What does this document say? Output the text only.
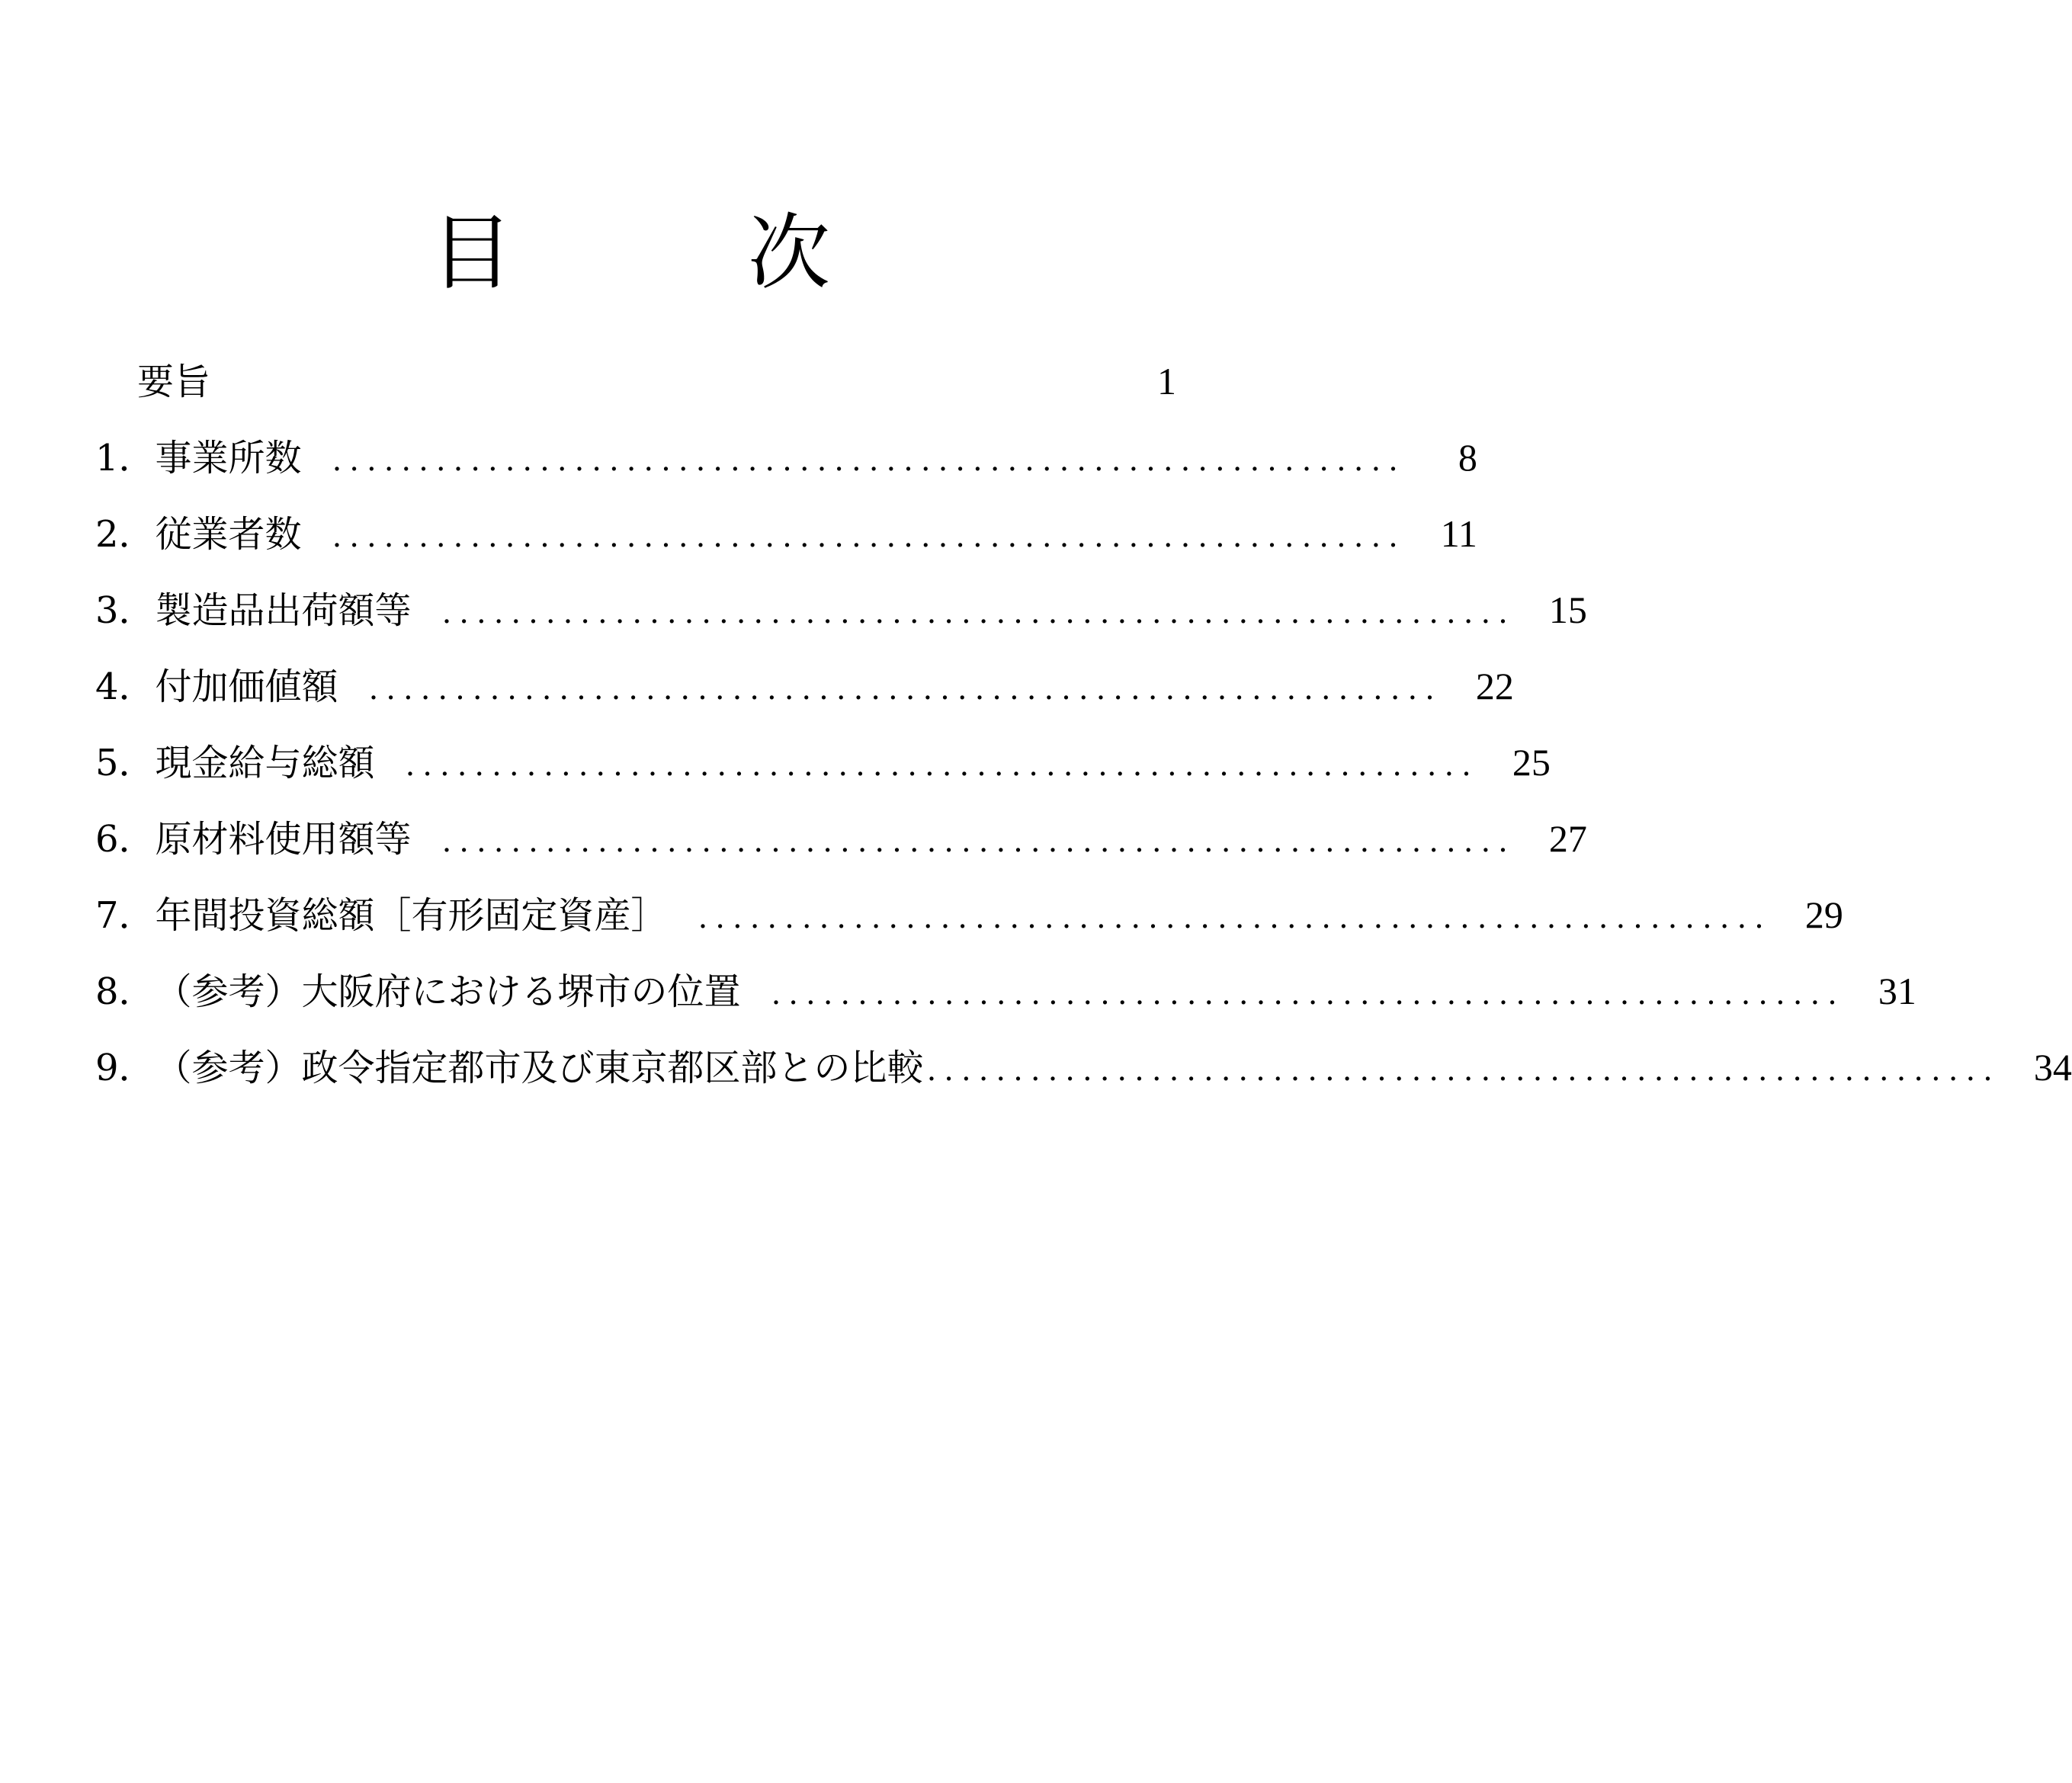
目　次
要旨	1
1． 事業所数 ..............................................................	8
2． 従業者数 .............................................................. 11
3． 製造品出荷額等 .............................................................. 15
4． 付加価値額 .............................................................. 22
5． 現金給与総額 .............................................................. 25
6． 原材料使用額等 .............................................................. 27
7． 年間投資総額［有形固定資産］ .............................................................. 29
8． （参考）大阪府における堺市の位置 .............................................................. 31
9． （参考）政令指定都市及び東京都区部との比較 .............................................................. 34
